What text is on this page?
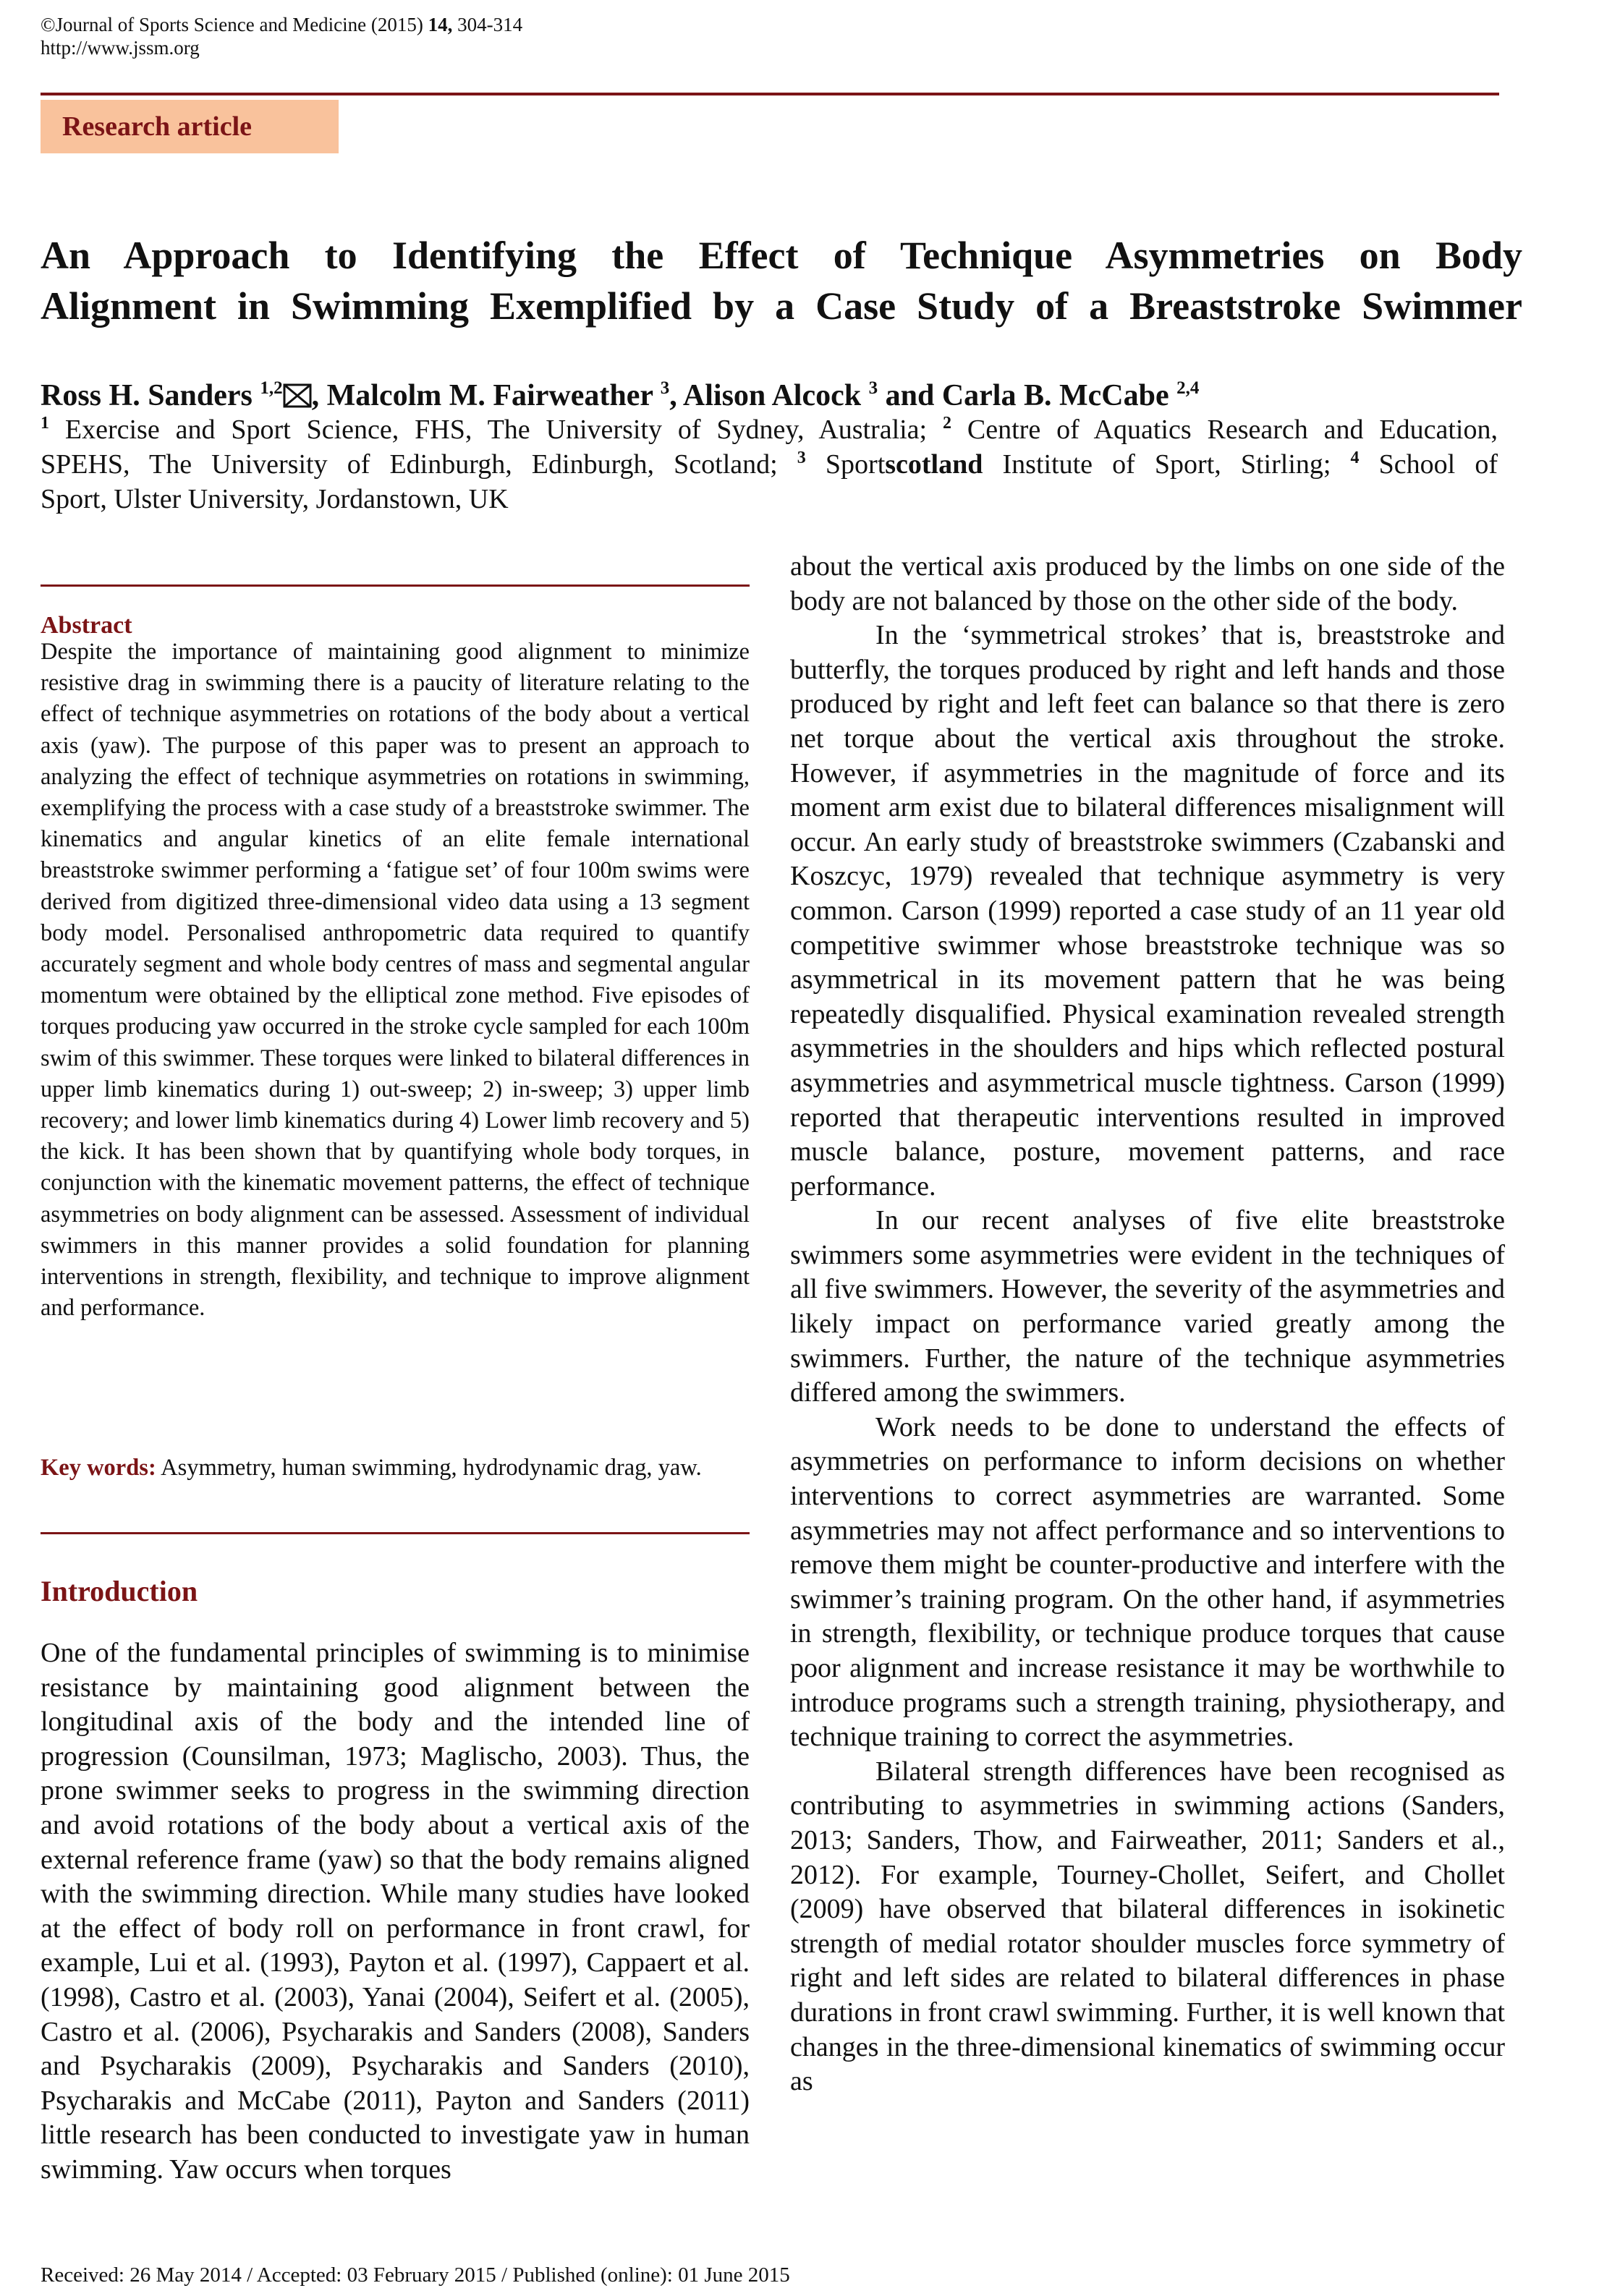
©Journal of Sports Science and Medicine (2015) 14, 304-314
http://www.jssm.org
Research article
An Approach to Identifying the Effect of Technique Asymmetries on Body
Alignment in Swimming Exemplified by a Case Study of a Breaststroke Swimmer
Ross H. Sanders $^{1,2}$ , Malcolm M. Fairweather $^3$, Alison Alcock $^3$ and Carla B. McCabe $^{2,4}$
$^1$ Exercise and Sport Science, FHS, The University of Sydney, Australia; $^2$ Centre of Aquatics Research and Education,
SPEHS, The University of Edinburgh, Edinburgh, Scotland; $^3$ Sportscotland Institute of Sport, Stirling; $^4$ School of
Sport, Ulster University, Jordanstown, UK
Abstract
Despite the importance of maintaining good alignment to minimize resistive drag in swimming there is a paucity of literature relating to the effect of technique asymmetries on rotations of the body about a vertical axis (yaw). The purpose of this paper was to present an approach to analyzing the effect of technique asymmetries on rotations in swimming, exemplifying the process with a case study of a breaststroke swimmer. The kinematics and angular kinetics of an elite female international breaststroke swimmer performing a ‘fatigue set’ of four 100m swims were derived from digitized three-dimensional video data using a 13 segment body model. Personalised anthropometric data required to quantify accurately segment and whole body centres of mass and segmental angular momentum were obtained by the elliptical zone method. Five episodes of torques producing yaw occurred in the stroke cycle sampled for each 100m swim of this swimmer. These torques were linked to bilateral differences in upper limb kinematics during 1) out-sweep; 2) in-sweep; 3) upper limb recovery; and lower limb kinematics during 4) Lower limb recovery and 5) the kick. It has been shown that by quantifying whole body torques, in conjunction with the kinematic movement patterns, the effect of technique asymmetries on body alignment can be assessed. Assessment of individual swimmers in this manner provides a solid foundation for planning interventions in strength, flexibility, and technique to improve alignment and performance.
Key words: Asymmetry, human swimming, hydrodynamic drag, yaw.
Introduction
One of the fundamental principles of swimming is to minimise resistance by maintaining good alignment between the longitudinal axis of the body and the intended line of progression (Counsilman, 1973; Maglischo, 2003). Thus, the prone swimmer seeks to progress in the swimming direction and avoid rotations of the body about a vertical axis of the external reference frame (yaw) so that the body remains aligned with the swimming direction. While many studies have looked at the effect of body roll on performance in front crawl, for example, Lui et al. (1993), Payton et al. (1997), Cappaert et al. (1998), Castro et al. (2003), Yanai (2004), Seifert et al. (2005), Castro et al. (2006), Psycharakis and Sanders (2008), Sanders and Psycharakis (2009), Psycharakis and Sanders (2010), Psycharakis and McCabe (2011), Payton and Sanders (2011) little research has been conducted to investigate yaw in human swimming. Yaw occurs when torques

about the vertical axis produced by the limbs on one side of the body are not balanced by those on the other side of the body.

In the ‘symmetrical strokes’ that is, breaststroke and butterfly, the torques produced by right and left hands and those produced by right and left feet can balance so that there is zero net torque about the vertical axis throughout the stroke. However, if asymmetries in the magnitude of force and its moment arm exist due to bilateral differences misalignment will occur. An early study of breaststroke swimmers (Czabanski and Koszcyc, 1979) revealed that technique asymmetry is very common. Carson (1999) reported a case study of an 11 year old competitive swimmer whose breaststroke technique was so asymmetrical in its movement pattern that he was being repeatedly disqualified. Physical examination revealed strength asymmetries in the shoulders and hips which reflected postural asymmetries and asymmetrical muscle tightness. Carson (1999) reported that therapeutic interventions resulted in improved muscle balance, posture, movement patterns, and race performance.

In our recent analyses of five elite breaststroke swimmers some asymmetries were evident in the techniques of all five swimmers. However, the severity of the asymmetries and likely impact on performance varied greatly among the swimmers. Further, the nature of the technique asymmetries differed among the swimmers.

Work needs to be done to understand the effects of asymmetries on performance to inform decisions on whether interventions to correct asymmetries are warranted. Some asymmetries may not affect performance and so interventions to remove them might be counter-productive and interfere with the swimmer’s training program. On the other hand, if asymmetries in strength, flexibility, or technique produce torques that cause poor alignment and increase resistance it may be worthwhile to introduce programs such a strength training, physiotherapy, and technique training to correct the asymmetries.

Bilateral strength differences have been recognised as contributing to asymmetries in swimming actions (Sanders, 2013; Sanders, Thow, and Fairweather, 2011; Sanders et al., 2012). For example, Tourney-Chollet, Seifert, and Chollet (2009) have observed that bilateral differences in isokinetic strength of medial rotator shoulder muscles force symmetry of right and left sides are related to bilateral differences in phase durations in front crawl swimming. Further, it is well known that changes in the three-dimensional kinematics of swimming occur as

Received: 26 May 2014 / Accepted: 03 February 2015 / Published (online): 01 June 2015
